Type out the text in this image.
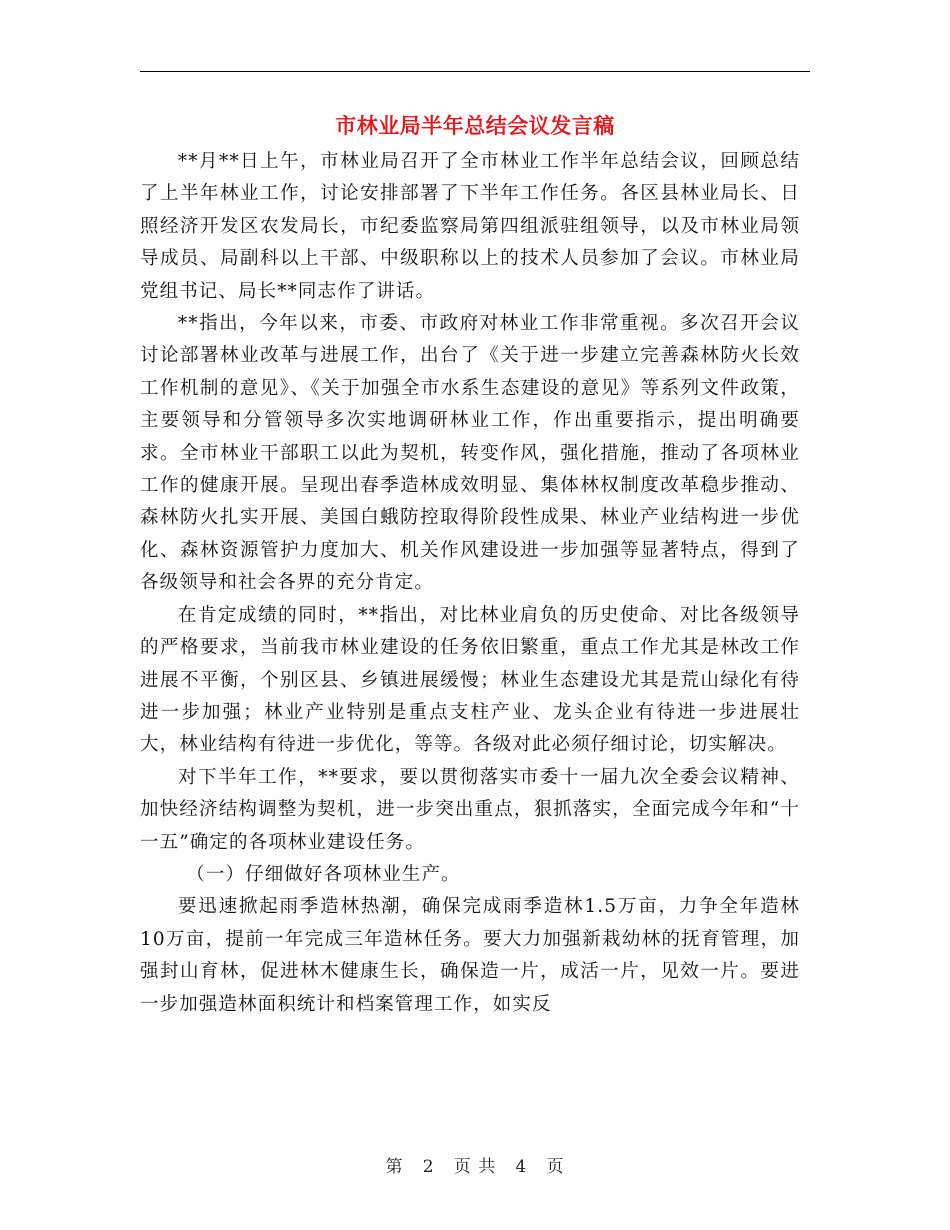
市林业局半年总结会议发言稿

**月**日上午，市林业局召开了全市林业工作半年总结会议，回顾总结了上半年林业工作，讨论安排部署了下半年工作任务。各区县林业局长、日照经济开发区农发局长，市纪委监察局第四组派驻组领导，以及市林业局领导成员、局副科以上干部、中级职称以上的技术人员参加了会议。市林业局党组书记、局长**同志作了讲话。

**指出，今年以来，市委、市政府对林业工作非常重视。多次召开会议讨论部署林业改革与进展工作，出台了《关于进一步建立完善森林防火长效工作机制的意见》、《关于加强全市水系生态建设的意见》等系列文件政策，主要领导和分管领导多次实地调研林业工作，作出重要指示，提出明确要求。全市林业干部职工以此为契机，转变作风，强化措施，推动了各项林业工作的健康开展。呈现出春季造林成效明显、集体林权制度改革稳步推动、森林防火扎实开展、美国白蛾防控取得阶段性成果、林业产业结构进一步优化、森林资源管护力度加大、机关作风建设进一步加强等显著特点，得到了各级领导和社会各界的充分肯定。

在肯定成绩的同时，**指出，对比林业肩负的历史使命、对比各级领导的严格要求，当前我市林业建设的任务依旧繁重，重点工作尤其是林改工作进展不平衡，个别区县、乡镇进展缓慢；林业生态建设尤其是荒山绿化有待进一步加强；林业产业特别是重点支柱产业、龙头企业有待进一步进展壮大，林业结构有待进一步优化，等等。各级对此必须仔细讨论，切实解决。

对下半年工作，**要求，要以贯彻落实市委十一届九次全委会议精神、加快经济结构调整为契机，进一步突出重点，狠抓落实，全面完成今年和“十一五”确定的各项林业建设任务。

（一）仔细做好各项林业生产。

要迅速掀起雨季造林热潮，确保完成雨季造林1.5万亩，力争全年造林10万亩，提前一年完成三年造林任务。要大力加强新栽幼林的抚育管理，加强封山育林，促进林木健康生长，确保造一片，成活一片，见效一片。要进一步加强造林面积统计和档案管理工作，如实反

第 2 页 共 4 页
